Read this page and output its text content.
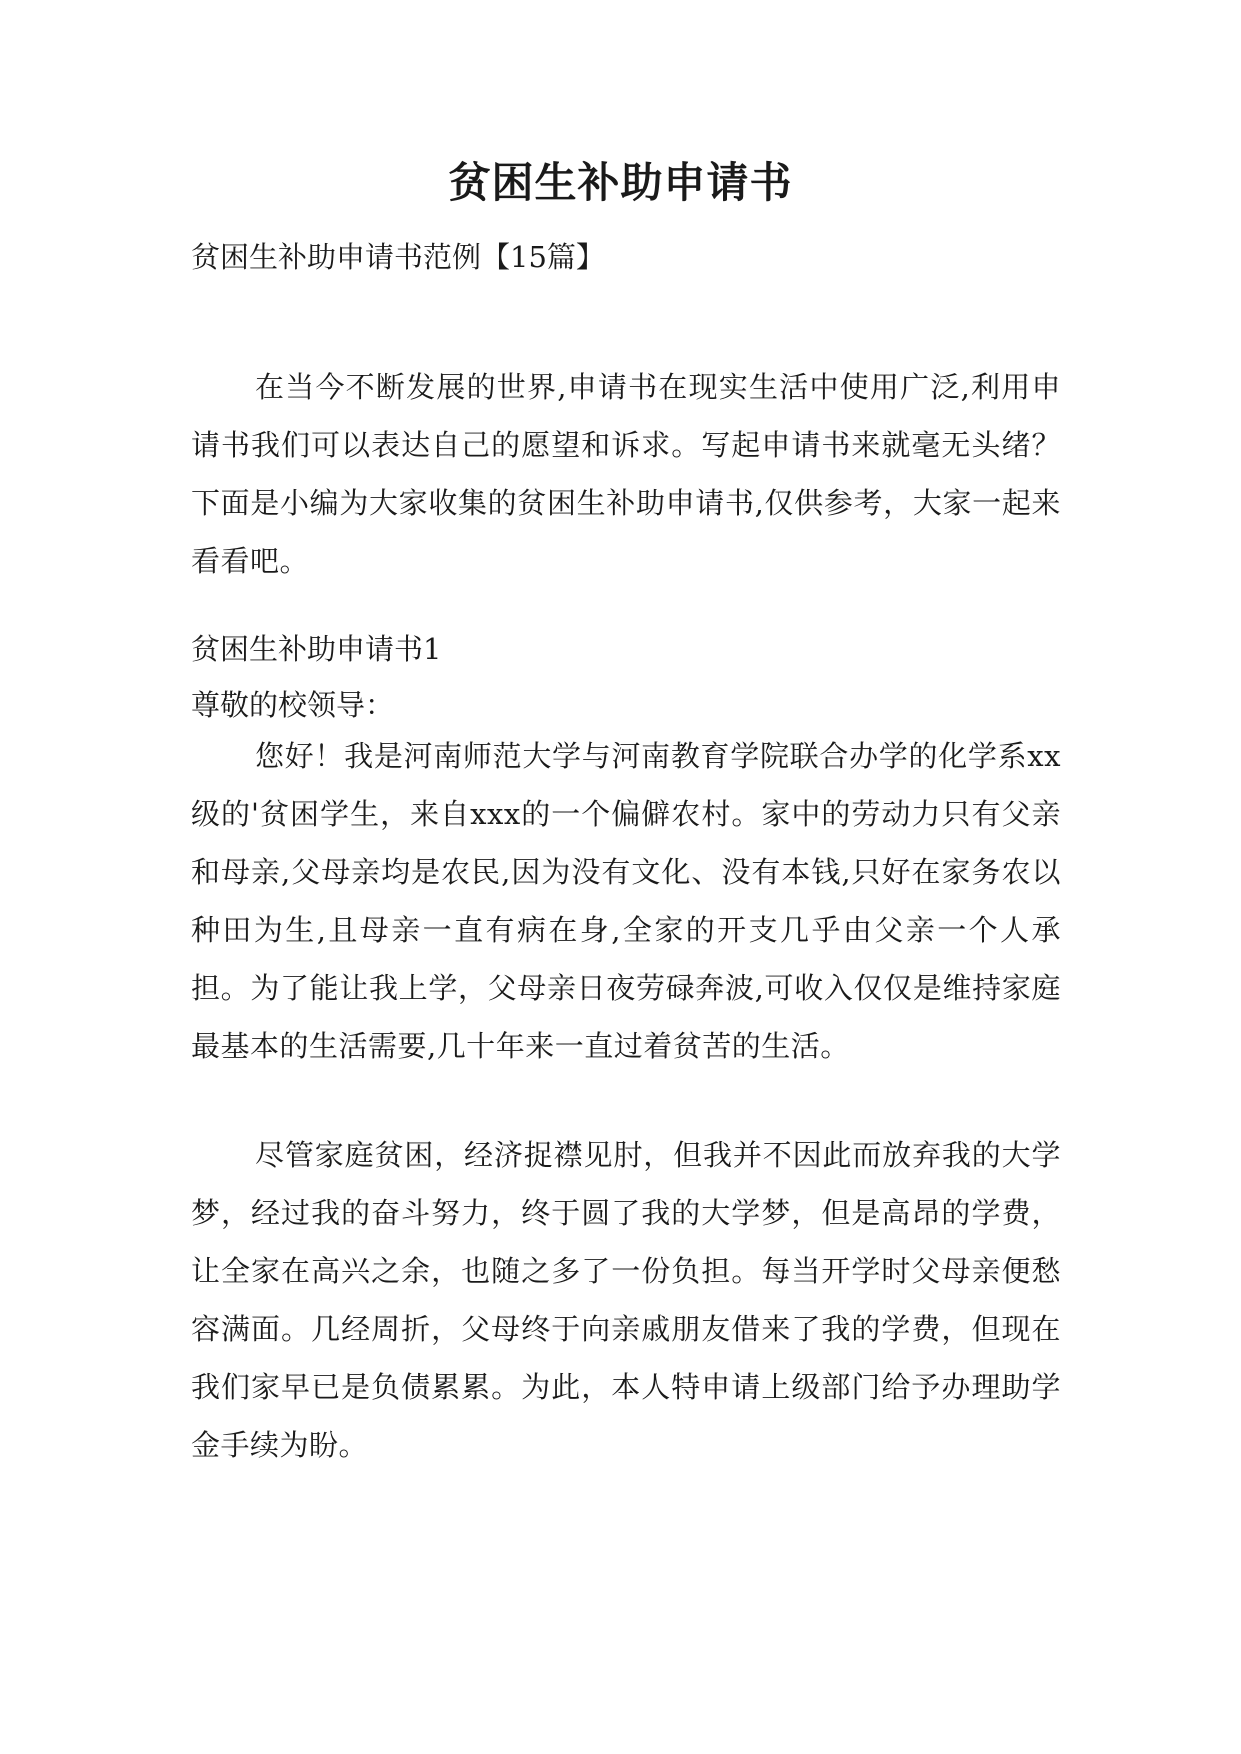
贫困生补助申请书

贫困生补助申请书范例【15篇】

在当今不断发展的世界,申请书在现实生活中使用广泛,利用申请书我们可以表达自己的愿望和诉求。写起申请书来就毫无头绪？下面是小编为大家收集的贫困生补助申请书,仅供参考，大家一起来看看吧。

贫困生补助申请书1

尊敬的校领导：

您好！我是河南师范大学与河南教育学院联合办学的化学系xx级的'贫困学生，来自xxx的一个偏僻农村。家中的劳动力只有父亲和母亲,父母亲均是农民,因为没有文化、没有本钱,只好在家务农以种田为生,且母亲一直有病在身,全家的开支几乎由父亲一个人承担。为了能让我上学，父母亲日夜劳碌奔波,可收入仅仅是维持家庭最基本的生活需要,几十年来一直过着贫苦的生活。

尽管家庭贫困，经济捉襟见肘，但我并不因此而放弃我的大学梦，经过我的奋斗努力，终于圆了我的大学梦，但是高昂的学费，让全家在高兴之余，也随之多了一份负担。每当开学时父母亲便愁容满面。几经周折，父母终于向亲戚朋友借来了我的学费，但现在我们家早已是负债累累。为此，本人特申请上级部门给予办理助学金手续为盼。
